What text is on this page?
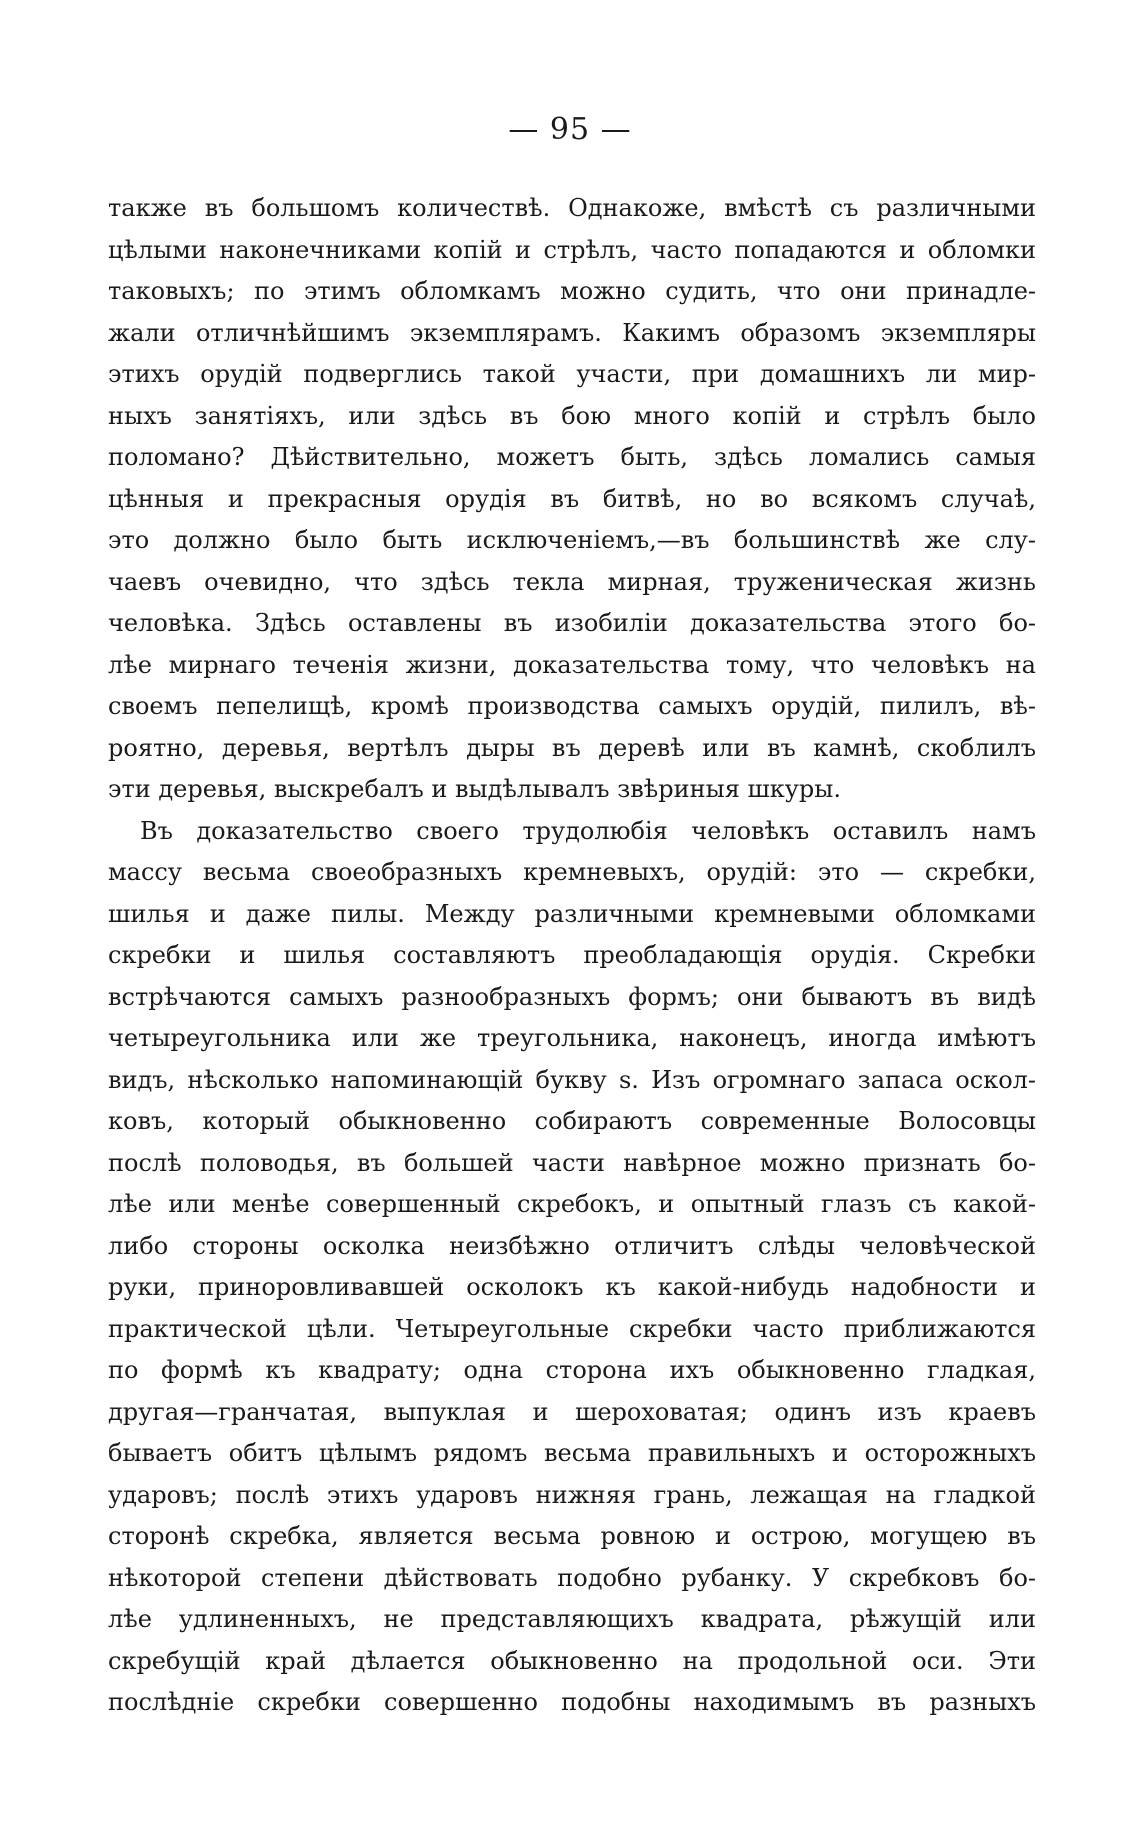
— 95 —
также въ большомъ количествѣ. Однакоже, вмѣстѣ съ различными
цѣлыми наконечниками копій и стрѣлъ, часто попадаются и обломки
таковыхъ; по этимъ обломкамъ можно судить, что они принадле-
жали отличнѣйшимъ экземплярамъ. Какимъ образомъ экземпляры
этихъ орудій подверглись такой участи, при домашнихъ ли мир-
ныхъ занятіяхъ, или здѣсь въ бою много копій и стрѣлъ было
поломано? Дѣйствительно, можетъ быть, здѣсь ломались самыя
цѣнныя и прекрасныя орудія въ битвѣ, но во всякомъ случаѣ,
это должно было быть исключеніемъ,—въ большинствѣ же слу-
чаевъ очевидно, что здѣсь текла мирная, труженическая жизнь
человѣка. Здѣсь оставлены въ изобиліи доказательства этого бо-
лѣе мирнаго теченія жизни, доказательства тому, что человѣкъ на
своемъ пепелищѣ, кромѣ производства самыхъ орудій, пилилъ, вѣ-
роятно, деревья, вертѣлъ дыры въ деревѣ или въ камнѣ, скоблилъ
эти деревья, выскребалъ и выдѣлывалъ звѣриныя шкуры.
Въ доказательство своего трудолюбія человѣкъ оставилъ намъ
массу весьма своеобразныхъ кремневыхъ, орудій: это — скребки,
шилья и даже пилы. Между различными кремневыми обломками
скребки и шилья составляютъ преобладающія орудія. Скребки
встрѣчаются самыхъ разнообразныхъ формъ; они бываютъ въ видѣ
четыреугольника или же треугольника, наконецъ, иногда имѣютъ
видъ, нѣсколько напоминающій букву s. Изъ огромнаго запаса оскол-
ковъ, который обыкновенно собираютъ современные Волосовцы
послѣ половодья, въ большей части навѣрное можно признать бо-
лѣе или менѣе совершенный скребокъ, и опытный глазъ съ какой-
либо стороны осколка неизбѣжно отличитъ слѣды человѣческой
руки, приноровливавшей осколокъ къ какой-нибудь надобности и
практической цѣли. Четыреугольные скребки часто приближаются
по формѣ къ квадрату; одна сторона ихъ обыкновенно гладкая,
другая—гранчатая, выпуклая и шероховатая; одинъ изъ краевъ
бываетъ обитъ цѣлымъ рядомъ весьма правильныхъ и осторожныхъ
ударовъ; послѣ этихъ ударовъ нижняя грань, лежащая на гладкой
сторонѣ скребка, является весьма ровною и острою, могущею въ
нѣкоторой степени дѣйствовать подобно рубанку. У скребковъ бо-
лѣе удлиненныхъ, не представляющихъ квадрата, рѣжущій или
скребущій край дѣлается обыкновенно на продольной оси. Эти
послѣдніе скребки совершенно подобны находимымъ въ разныхъ
